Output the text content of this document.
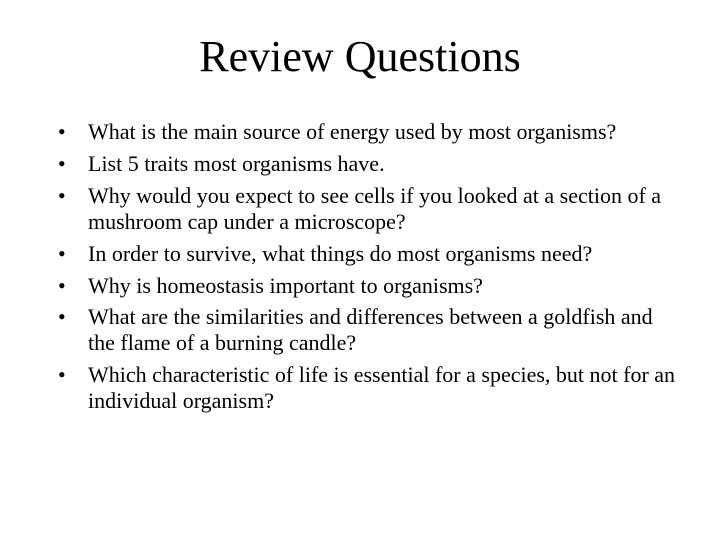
Review Questions
•	What is the main source of energy used by most organisms?
•	List 5 traits most organisms have.
•	Why would you expect to see cells if you looked at a section of a mushroom cap under a microscope?
•	In order to survive, what things do most organisms need?
•	Why is homeostasis important to organisms?
•	What are the similarities and differences between a goldfish and the flame of a burning candle?
•	Which characteristic of life is essential for a species, but not for an individual organism?
